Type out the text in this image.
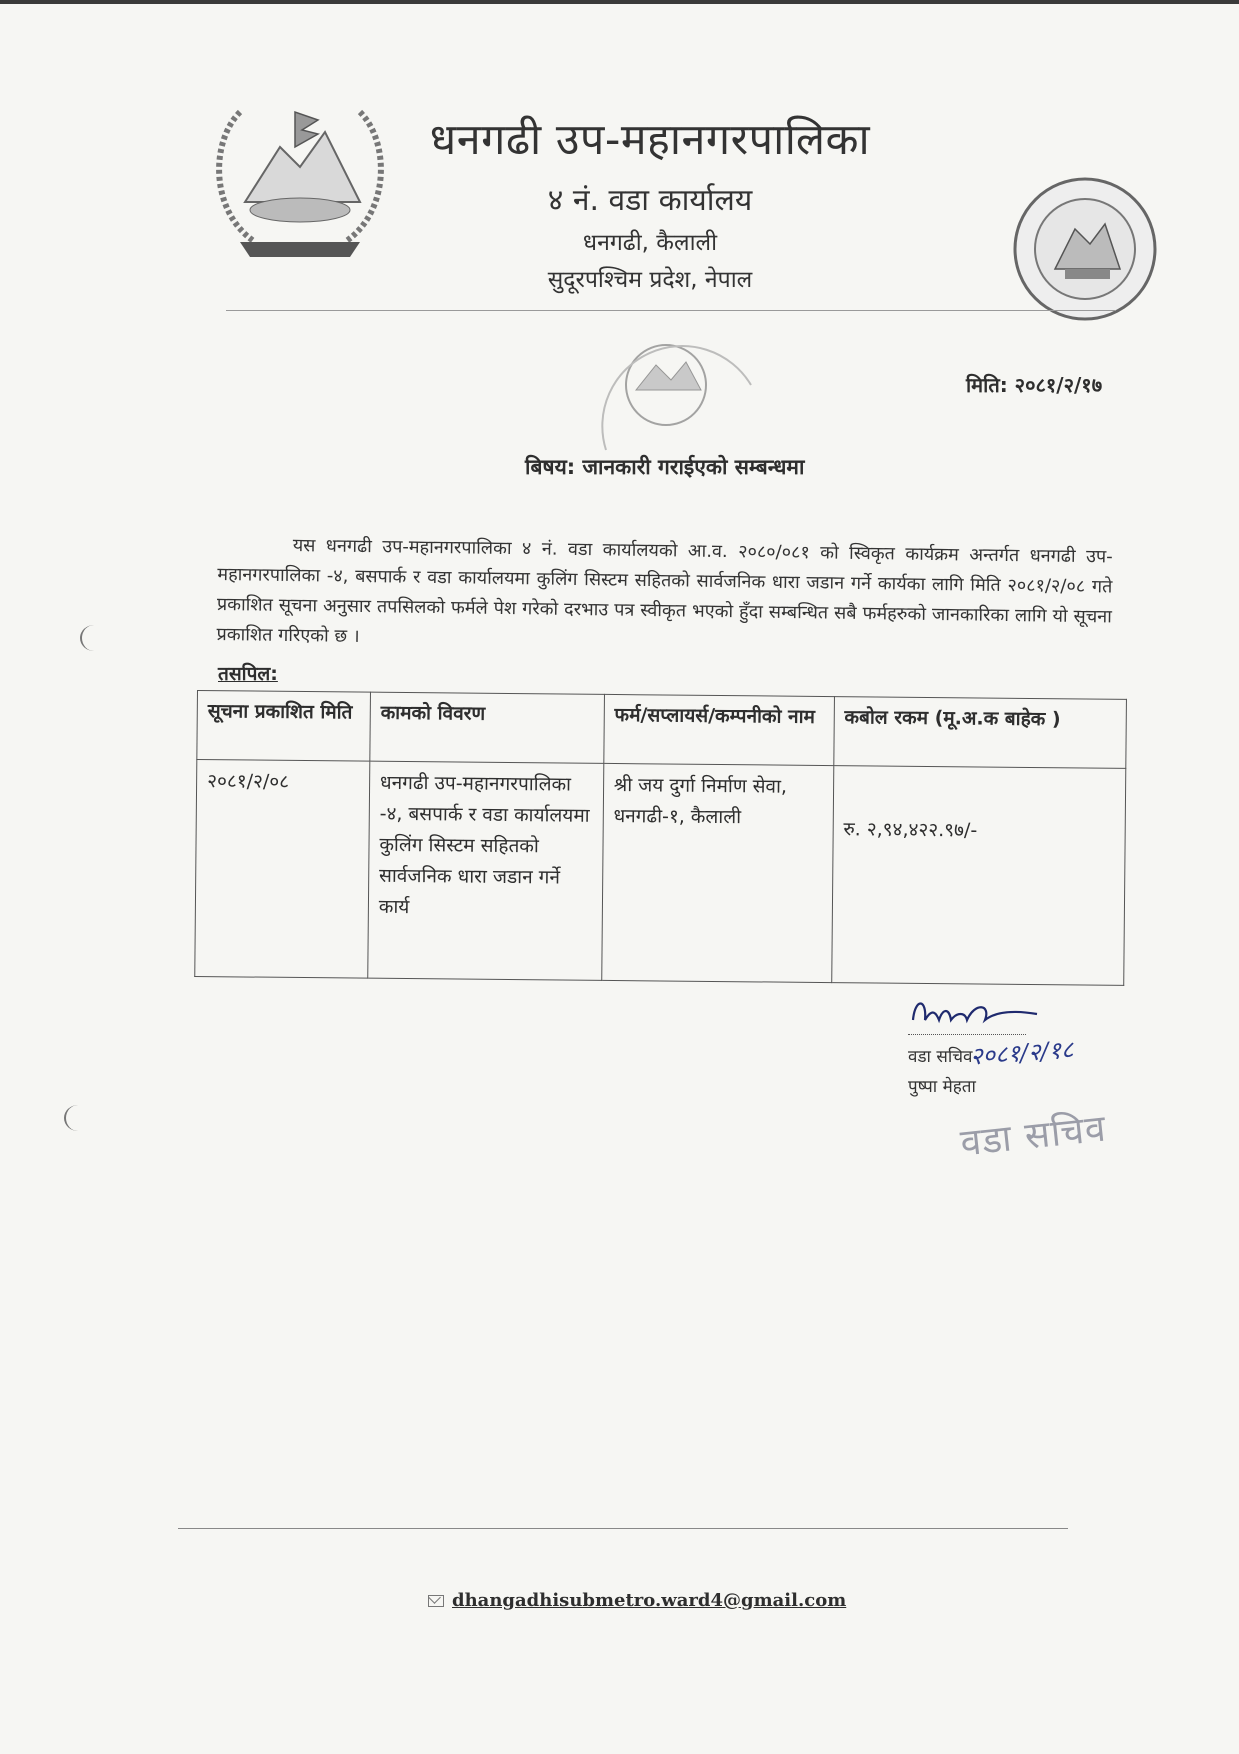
धनगढी उप-महानगरपालिका
४ नं. वडा कार्यालय
धनगढी, कैलाली
सुदूरपश्चिम प्रदेश, नेपाल
मिति: २०८१/२/१७
बिषय: जानकारी गराईएको सम्बन्धमा

यस धनगढी उप-महानगरपालिका ४ नं. वडा कार्यालयको आ.व. २०८०/०८१ को स्विकृत कार्यक्रम अन्तर्गत धनगढी उप-महानगरपालिका -४, बसपार्क र वडा कार्यालयमा कुलिंग सिस्टम सहितको सार्वजनिक धारा जडान गर्ने कार्यका लागि मिति २०८१/२/०८ गते प्रकाशित सूचना अनुसार तपसिलको फर्मले पेश गरेको दरभाउ पत्र स्वीकृत भएको हुँदा सम्बन्धित सबै फर्महरुको जानकारिका लागि यो सूचना प्रकाशित गरिएको छ ।

तसपिल:
सूचना प्रकाशित मिति	कामको विवरण	फर्म/सप्लायर्स/कम्पनीको नाम	कबोल रकम (मू.अ.क बाहेक )
२०८१/२/०८	धनगढी उप-महानगरपालिका -४, बसपार्क र वडा कार्यालयमा कुलिंग सिस्टम सहितको सार्वजनिक धारा जडान गर्ने कार्य	श्री जय दुर्गा निर्माण सेवा, धनगढी-१, कैलाली	रु. २,९४,४२२.९७/-
वडा सचिव
२०८१/२/१८
पुष्पा मेहता
वडा सचिव
dhangadhisubmetro.ward4@gmail.com
